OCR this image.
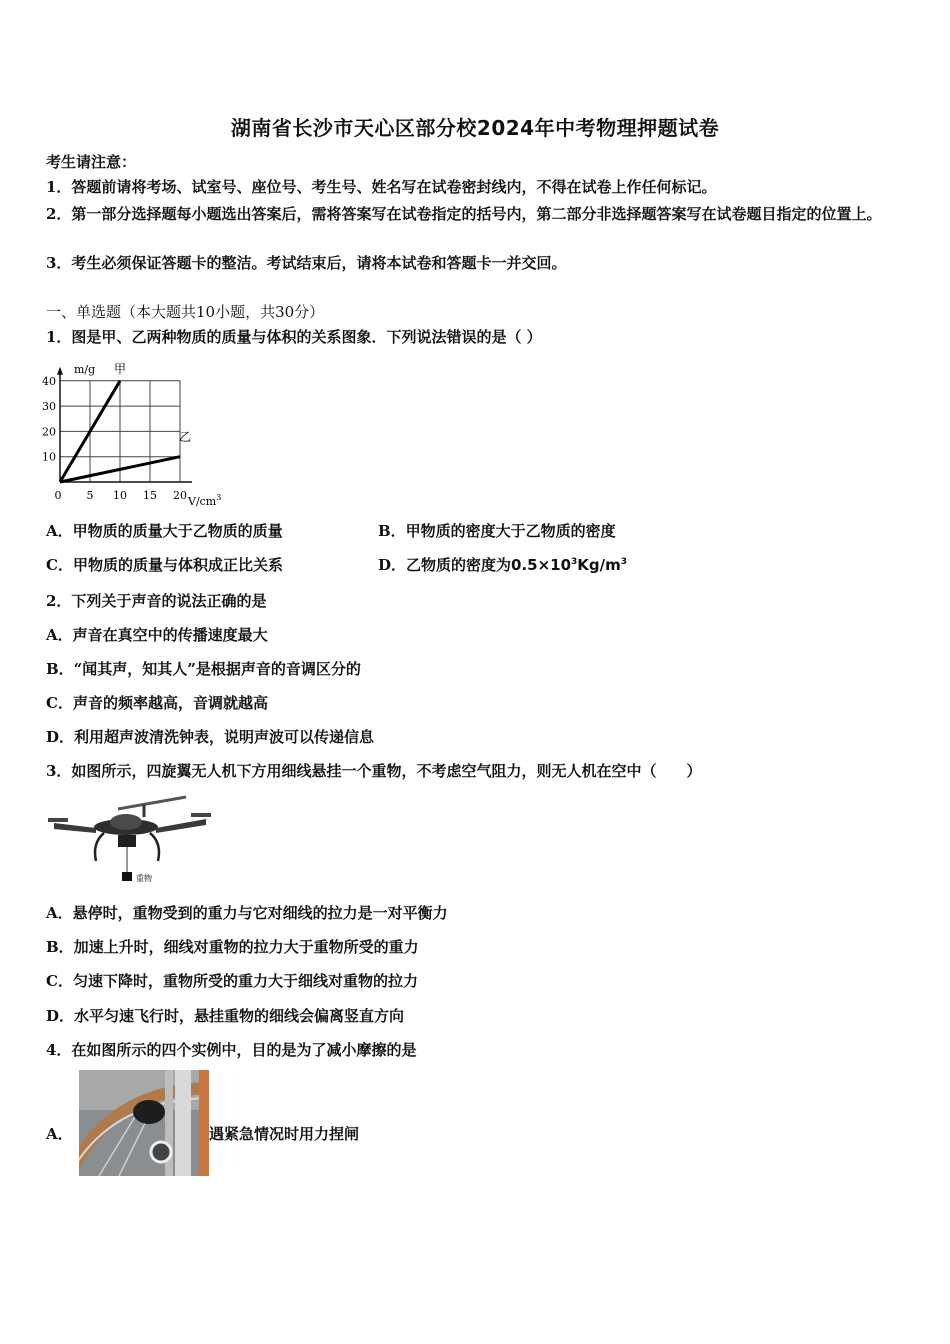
湖南省长沙市天心区部分校2024年中考物理押题试卷
考生请注意：
1．答题前请将考场、试室号、座位号、考生号、姓名写在试卷密封线内，不得在试卷上作任何标记。
2．第一部分选择题每小题选出答案后，需将答案写在试卷指定的括号内，第二部分非选择题答案写在试卷题目指定的位置上。
3．考生必须保证答题卡的整洁。考试结束后，请将本试卷和答题卡一并交回。
一、单选题（本大题共10小题，共30分）
1．图是甲、乙两种物质的质量与体积的关系图象．下列说法错误的是（ ）
40
30
20
10
0 5 10 15 20
m/g 甲
乙
$V/cm^3$
A．甲物质的质量大于乙物质的质量	B．甲物质的密度大于乙物质的密度
C．甲物质的质量与体积成正比关系	D．乙物质的密度为$0.5\times 10^3Kg/m^3$
2．下列关于声音的说法正确的是
A．声音在真空中的传播速度最大
B．“闻其声，知其人”是根据声音的音调区分的
C．声音的频率越高，音调就越高
D．利用超声波清洗钟表，说明声波可以传递信息
3．如图所示，四旋翼无人机下方用细线悬挂一个重物，不考虑空气阻力，则无人机在空中（　　）
重物
A．悬停时，重物受到的重力与它对细线的拉力是一对平衡力
B．加速上升时，细线对重物的拉力大于重物所受的重力
C．匀速下降时，重物所受的重力大于细线对重物的拉力
D．水平匀速飞行时，悬挂重物的细线会偏离竖直方向
4．在如图所示的四个实例中，目的是为了减小摩擦的是
A．	遇紧急情况时用力捏闸
